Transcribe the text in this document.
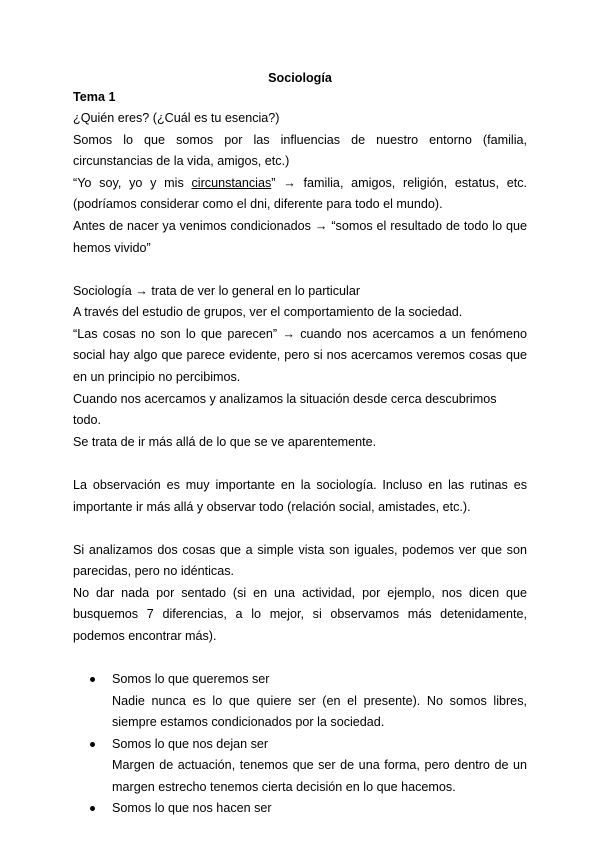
Sociología
Tema 1

¿Quién eres? (¿Cuál es tu esencia?)

Somos lo que somos por las influencias de nuestro entorno (familia, circunstancias de la vida, amigos, etc.)

“Yo soy, yo y mis circunstancias” → familia, amigos, religión, estatus, etc. (podríamos considerar como el dni, diferente para todo el mundo).

Antes de nacer ya venimos condicionados → “somos el resultado de todo lo que hemos vivido”

Sociología → trata de ver lo general en lo particular

A través del estudio de grupos, ver el comportamiento de la sociedad.

“Las cosas no son lo que parecen” → cuando nos acercamos a un fenómeno social hay algo que parece evidente, pero si nos acercamos veremos cosas que en un principio no percibimos.

Cuando nos acercamos y analizamos la situación desde cerca descubrimos todo.

Se trata de ir más allá de lo que se ve aparentemente.

La observación es muy importante en la sociología. Incluso en las rutinas es importante ir más allá y observar todo (relación social, amistades, etc.).

Si analizamos dos cosas que a simple vista son iguales, podemos ver que son parecidas, pero no idénticas.

No dar nada por sentado (si en una actividad, por ejemplo, nos dicen que busquemos 7 diferencias, a lo mejor, si observamos más detenidamente, podemos encontrar más).

Somos lo que queremos ser
Nadie nunca es lo que quiere ser (en el presente). No somos libres, siempre estamos condicionados por la sociedad.
Somos lo que nos dejan ser
Margen de actuación, tenemos que ser de una forma, pero dentro de un margen estrecho tenemos cierta decisión en lo que hacemos.
Somos lo que nos hacen ser
